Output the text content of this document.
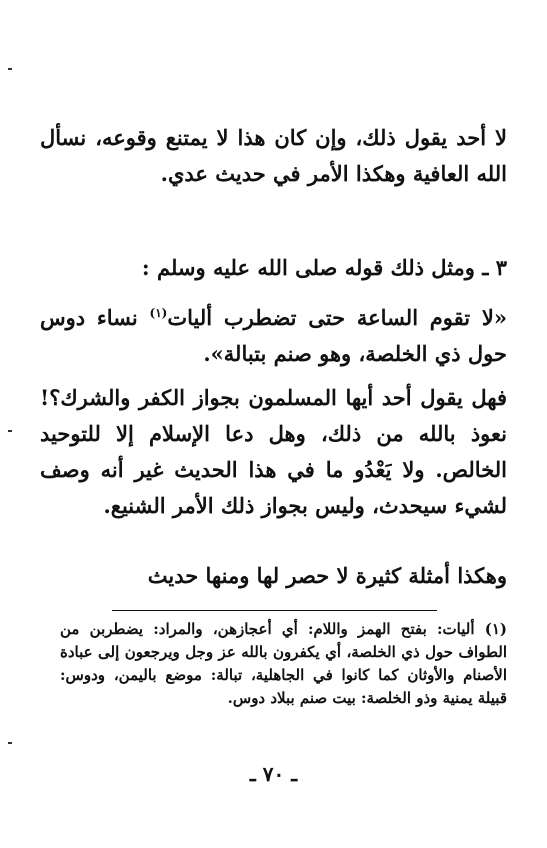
لا أحد يقول ذلك، وإن كان هذا لا يمتنع وقوعه، نسأل الله العافية وهكذا الأمر في حديث عدي.
٣ ـ ومثل ذلك قوله صلى الله عليه وسلم :
«لا تقوم الساعة حتى تضطرب أليات$^{(١)}$ نساء دوس حول ذي الخلصة، وهو صنم بتبالة».
فهل يقول أحد أيها المسلمون بجواز الكفر والشرك؟! نعوذ بالله من ذلك، وهل دعا الإسلام إلا للتوحيد الخالص. ولا يَعْدُو ما في هذا الحديث غير أنه وصف لشيء سيحدث، وليس بجواز ذلك الأمر الشنيع.
وهكذا أمثلة كثيرة لا حصر لها ومنها حديث
(١) أليات: بفتح الهمز واللام: أي أعجازهن، والمراد: يضطربن من الطواف حول ذي الخلصة، أي يكفرون بالله عز وجل ويرجعون إلى عبادة الأصنام والأوثان كما كانوا في الجاهلية، تبالة: موضع باليمن، ودوس: قبيلة يمنية وذو الخلصة: بيت صنم ببلاد دوس.
ـ ٧٠ ـ
